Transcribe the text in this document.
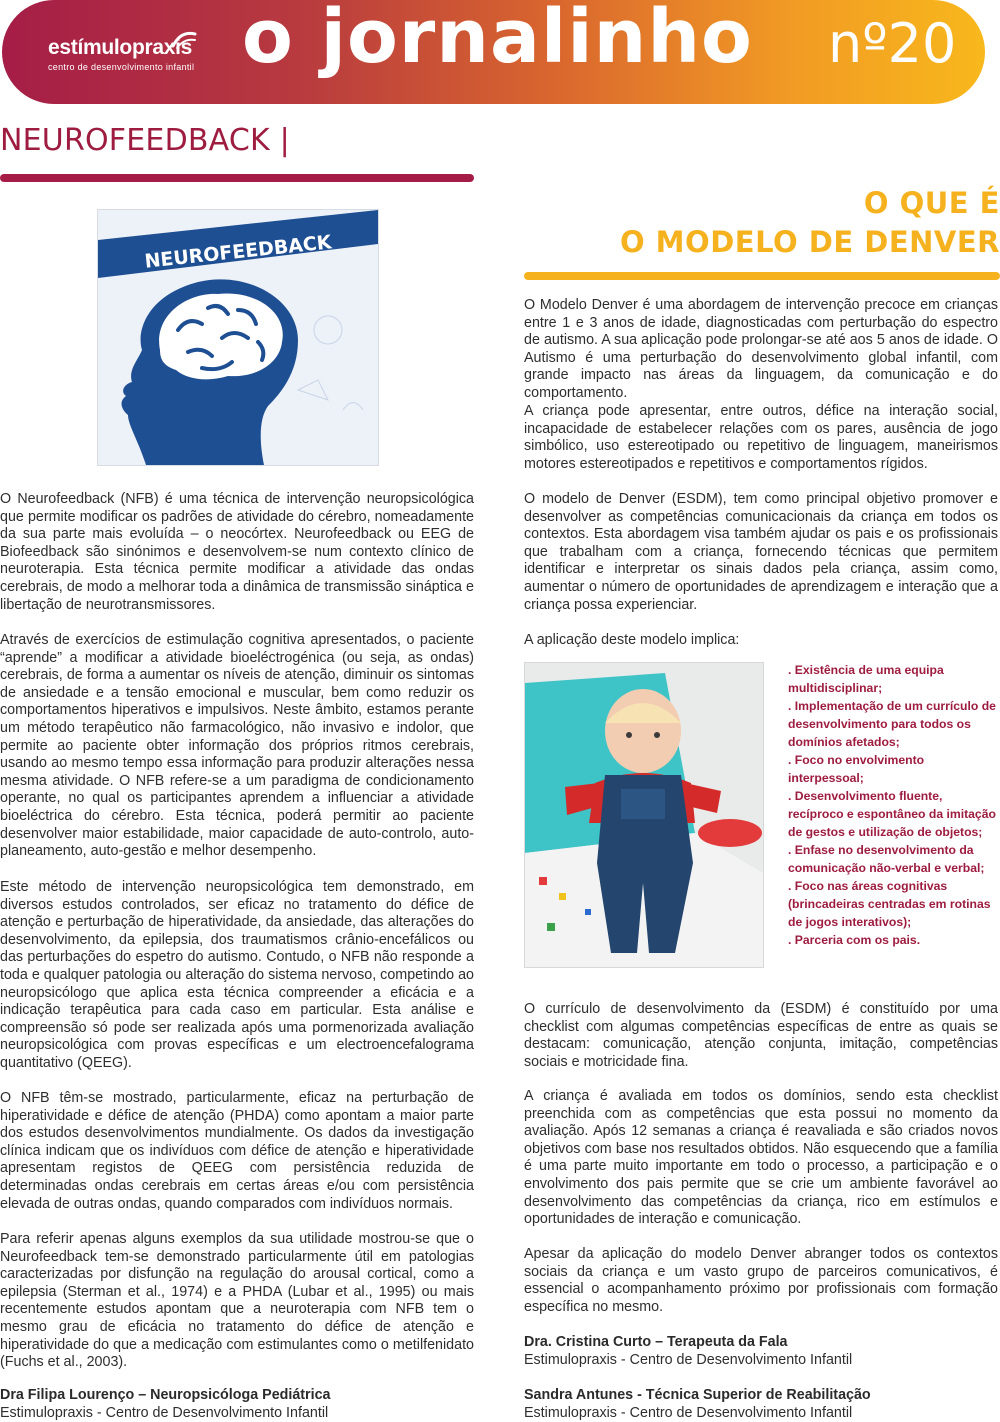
estímulopraxis
centro de desenvolvimento infantil o jornalinho nº20
NEUROFEEDBACK |
O QUE É
O MODELO DE DENVER
NEUROFEEDBACK

O Neurofeedback (NFB) é uma técnica de intervenção neuropsicológica que permite modificar os padrões de atividade do cérebro, nomeadamente da sua parte mais evoluída – o neocórtex. Neurofeedback ou EEG de Biofeedback são sinónimos e desenvolvem-se num contexto clínico de neuroterapia. Esta técnica permite modificar a atividade das ondas cerebrais, de modo a melhorar toda a dinâmica de transmissão sináptica e libertação de neurotransmissores.

Através de exercícios de estimulação cognitiva apresentados, o paciente “aprende” a modificar a atividade bioeléctrogénica (ou seja, as ondas) cerebrais, de forma a aumentar os níveis de atenção, diminuir os sintomas de ansiedade e a tensão emocional e muscular, bem como reduzir os comportamentos hiperativos e impulsivos. Neste âmbito, estamos perante um método terapêutico não farmacológico, não invasivo e indolor, que permite ao paciente obter informação dos próprios ritmos cerebrais, usando ao mesmo tempo essa informação para produzir alterações nessa mesma atividade. O NFB refere-se a um paradigma de condicionamento operante, no qual os participantes aprendem a influenciar a atividade bioeléctrica do cérebro. Esta técnica, poderá permitir ao paciente desenvolver maior estabilidade, maior capacidade de auto-controlo, auto-planeamento, auto-gestão e melhor desempenho.

Este método de intervenção neuropsicológica tem demonstrado, em diversos estudos controlados, ser eficaz no tratamento do défice de atenção e perturbação de hiperatividade, da ansiedade, das alterações do desenvolvimento, da epilepsia, dos traumatismos crânio-encefálicos ou das perturbações do espetro do autismo. Contudo, o NFB não responde a toda e qualquer patologia ou alteração do sistema nervoso, competindo ao neuropsicólogo que aplica esta técnica compreender a eficácia e a indicação terapêutica para cada caso em particular. Esta análise e compreensão só pode ser realizada após uma pormenorizada avaliação neuropsicológica com provas específicas e um electroencefalograma quantitativo (QEEG).

O NFB têm-se mostrado, particularmente, eficaz na perturbação de hiperatividade e défice de atenção (PHDA) como apontam a maior parte dos estudos desenvolvimentos mundialmente. Os dados da investigação clínica indicam que os indivíduos com défice de atenção e hiperatividade apresentam registos de QEEG com persistência reduzida de determinadas ondas cerebrais em certas áreas e/ou com persistência elevada de outras ondas, quando comparados com indivíduos normais.

Para referir apenas alguns exemplos da sua utilidade mostrou-se que o Neurofeedback tem-se demonstrado particularmente útil em patologias caracterizadas por disfunção na regulação do arousal cortical, como a epilepsia (Sterman et al., 1974) e a PHDA (Lubar et al., 1995) ou mais recentemente estudos apontam que a neuroterapia com NFB tem o mesmo grau de eficácia no tratamento do défice de atenção e hiperatividade do que a medicação com estimulantes como o metilfenidato (Fuchs et al., 2003).

Dra Filipa Lourenço – Neuropsicóloga Pediátrica
Estimulopraxis - Centro de Desenvolvimento Infantil

O Modelo Denver é uma abordagem de intervenção precoce em crianças entre 1 e 3 anos de idade, diagnosticadas com perturbação do espectro de autismo. A sua aplicação pode prolongar-se até aos 5 anos de idade. O Autismo é uma perturbação do desenvolvimento global infantil, com grande impacto nas áreas da linguagem, da comunicação e do comportamento.

A criança pode apresentar, entre outros, défice na interação social, incapacidade de estabelecer relações com os pares, ausência de jogo simbólico, uso estereotipado ou repetitivo de linguagem, maneirismos motores estereotipados e repetitivos e comportamentos rígidos.

O modelo de Denver (ESDM), tem como principal objetivo promover e desenvolver as competências comunicacionais da criança em todos os contextos. Esta abordagem visa também ajudar os pais e os profissionais que trabalham com a criança, fornecendo técnicas que permitem identificar e interpretar os sinais dados pela criança, assim como, aumentar o número de oportunidades de aprendizagem e interação que a criança possa experienciar.

A aplicação deste modelo implica:

. Existência de uma equipa multidisciplinar;
. Implementação de um currículo de desenvolvimento para todos os domínios afetados;
. Foco no envolvimento interpessoal;
. Desenvolvimento fluente, recíproco e espontâneo da imitação de gestos e utilização de objetos;
. Enfase no desenvolvimento da comunicação não-verbal e verbal;
. Foco nas áreas cognitivas (brincadeiras centradas em rotinas de jogos interativos);
. Parceria com os pais.

O currículo de desenvolvimento da (ESDM) é constituído por uma checklist com algumas competências específicas de entre as quais se destacam: comunicação, atenção conjunta, imitação, competências sociais e motricidade fina.

A criança é avaliada em todos os domínios, sendo esta checklist preenchida com as competências que esta possui no momento da avaliação. Após 12 semanas a criança é reavaliada e são criados novos objetivos com base nos resultados obtidos. Não esquecendo que a família é uma parte muito importante em todo o processo, a participação e o envolvimento dos pais permite que se crie um ambiente favorável ao desenvolvimento das competências da criança, rico em estímulos e oportunidades de interação e comunicação.

Apesar da aplicação do modelo Denver abranger todos os contextos sociais da criança e um vasto grupo de parceiros comunicativos, é essencial o acompanhamento próximo por profissionais com formação específica no mesmo.

Dra. Cristina Curto – Terapeuta da Fala
Estimulopraxis - Centro de Desenvolvimento Infantil
Sandra Antunes - Técnica Superior de Reabilitação
Estimulopraxis - Centro de Desenvolvimento Infantil
